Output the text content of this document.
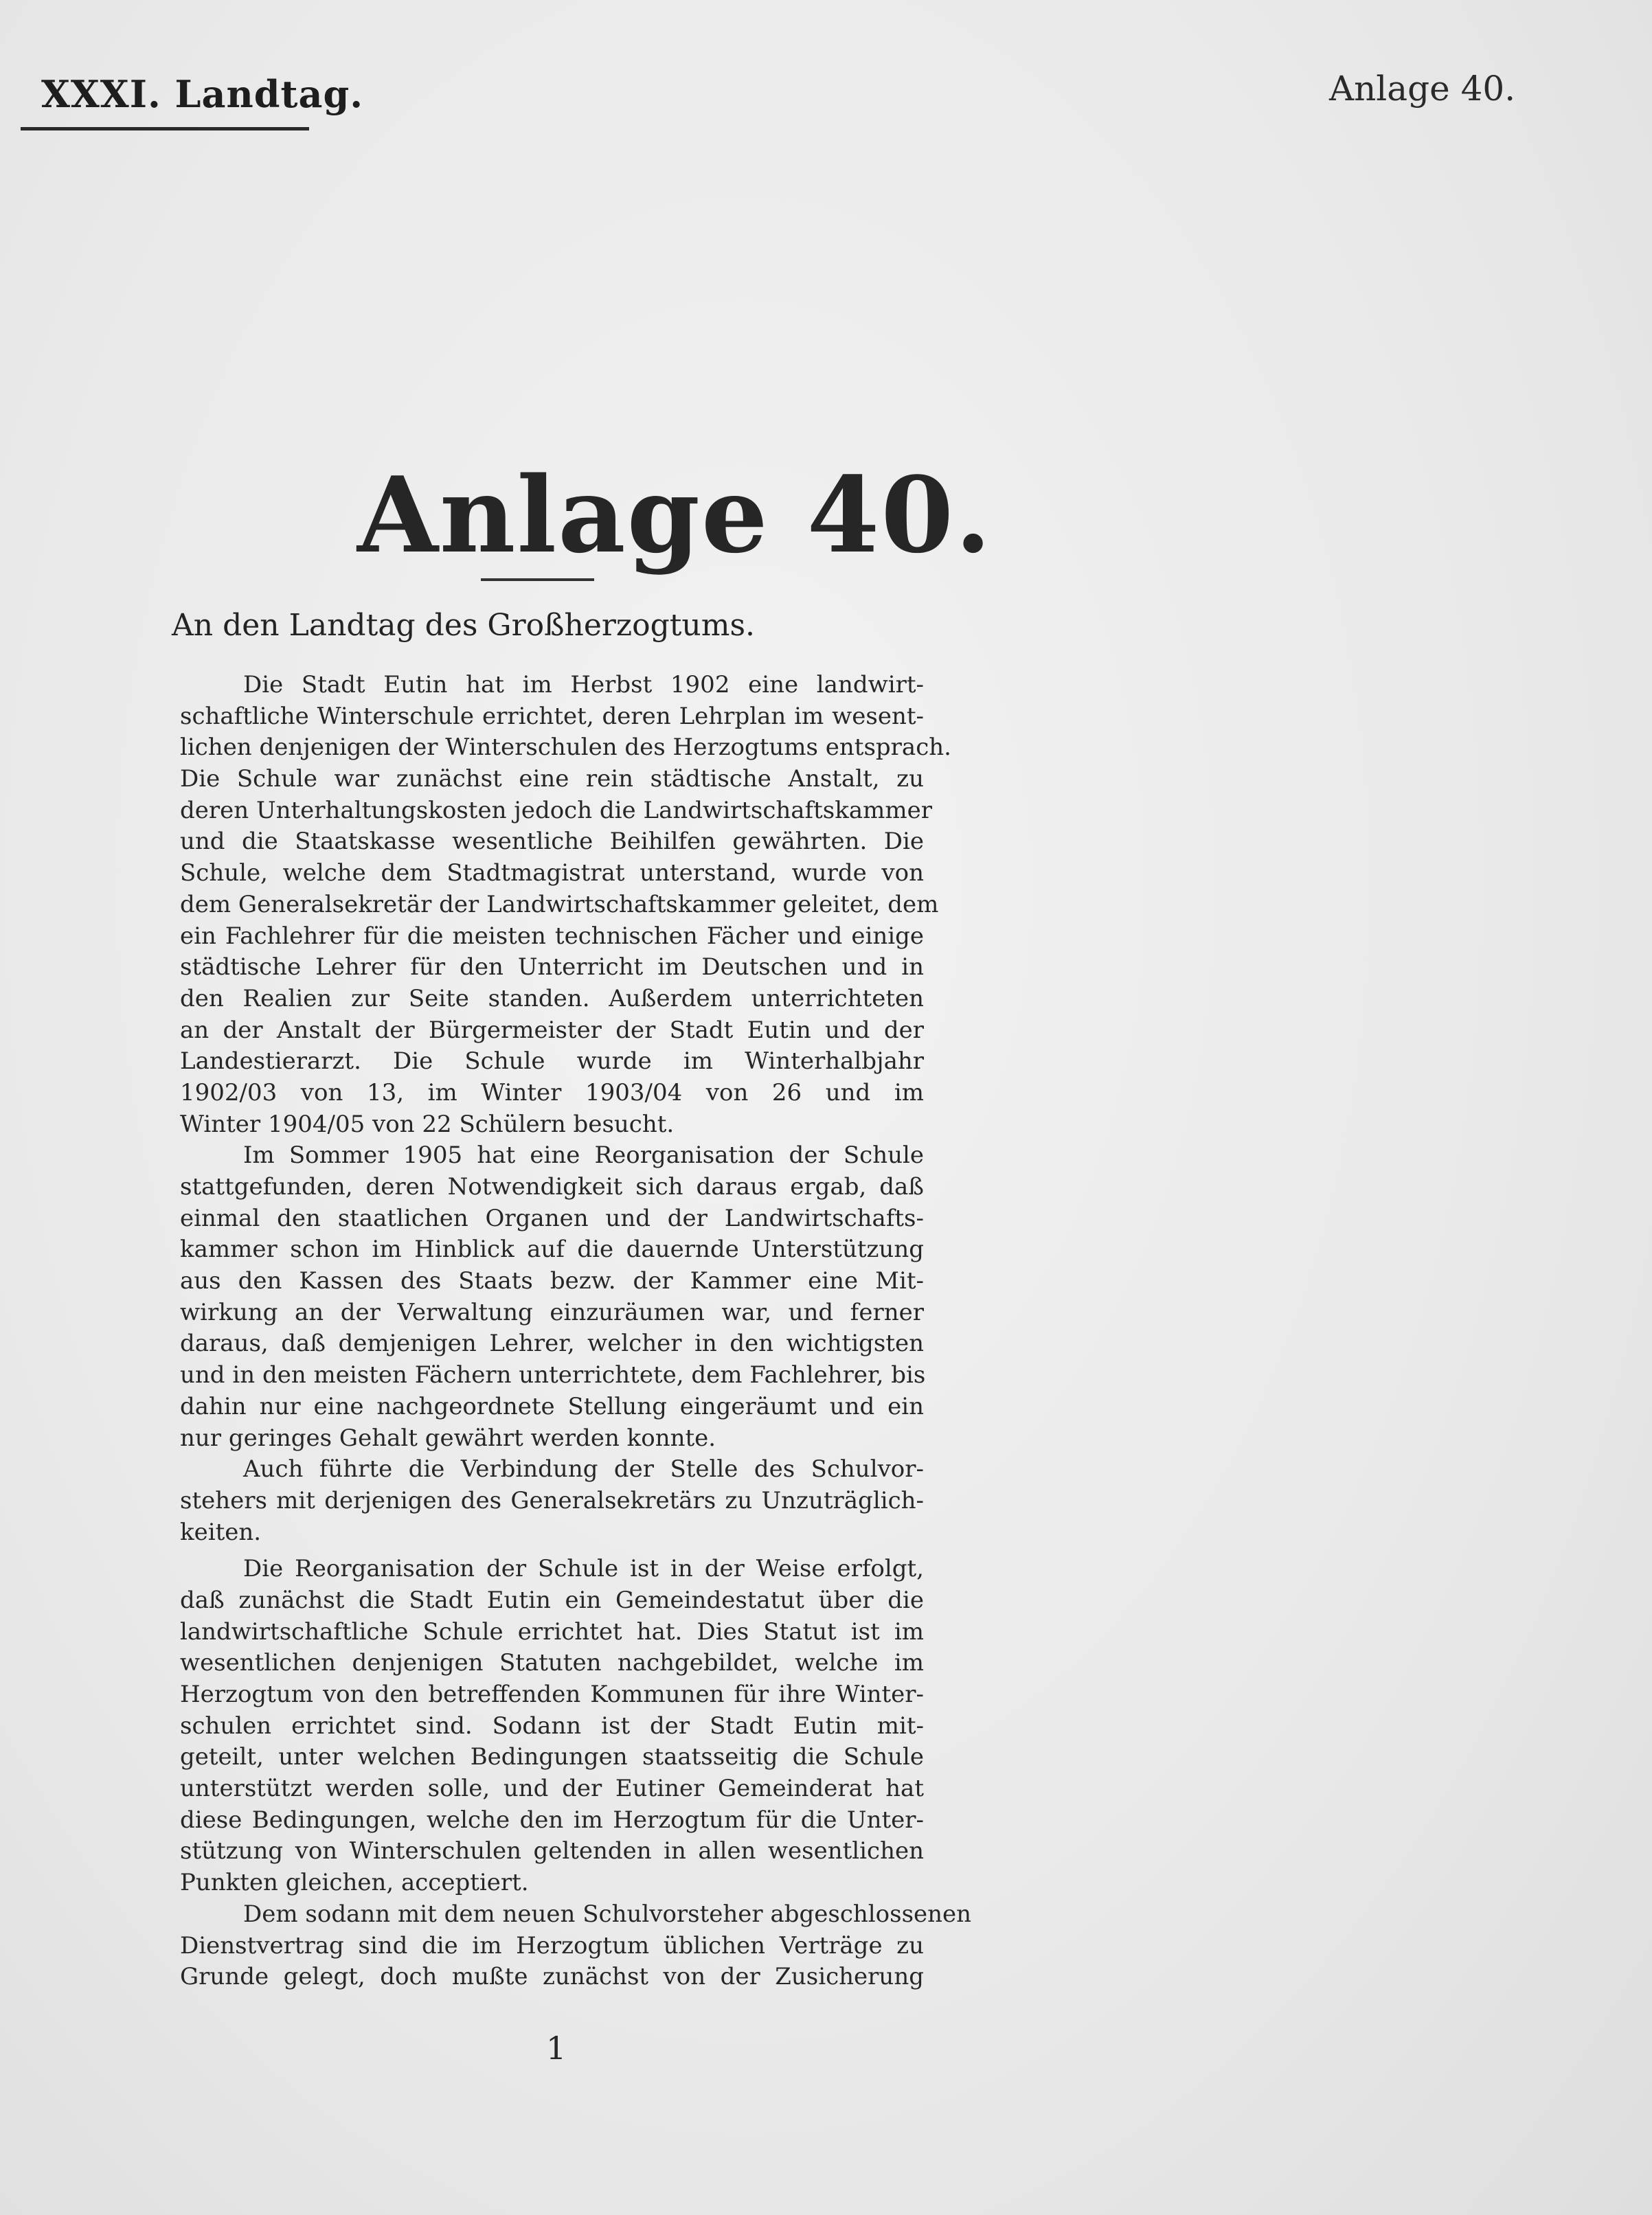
XXXI. Landtag.	Anlage 40.
Anlage 40.
An den Landtag des Großherzogtums.
Die Stadt Eutin hat im Herbst 1902 eine landwirt-
schaftliche Winterschule errichtet, deren Lehrplan im wesent-
lichen denjenigen der Winterschulen des Herzogtums entsprach.
Die Schule war zunächst eine rein städtische Anstalt, zu
deren Unterhaltungskosten jedoch die Landwirtschaftskammer
und die Staatskasse wesentliche Beihilfen gewährten. Die
Schule, welche dem Stadtmagistrat unterstand, wurde von
dem Generalsekretär der Landwirtschaftskammer geleitet, dem
ein Fachlehrer für die meisten technischen Fächer und einige
städtische Lehrer für den Unterricht im Deutschen und in
den Realien zur Seite standen. Außerdem unterrichteten
an der Anstalt der Bürgermeister der Stadt Eutin und der
Landestierarzt. Die Schule wurde im Winterhalbjahr
1902/03 von 13, im Winter 1903/04 von 26 und im
Winter 1904/05 von 22 Schülern besucht.
Im Sommer 1905 hat eine Reorganisation der Schule
stattgefunden, deren Notwendigkeit sich daraus ergab, daß
einmal den staatlichen Organen und der Landwirtschafts-
kammer schon im Hinblick auf die dauernde Unterstützung
aus den Kassen des Staats bezw. der Kammer eine Mit-
wirkung an der Verwaltung einzuräumen war, und ferner
daraus, daß demjenigen Lehrer, welcher in den wichtigsten
und in den meisten Fächern unterrichtete, dem Fachlehrer, bis
dahin nur eine nachgeordnete Stellung eingeräumt und ein
nur geringes Gehalt gewährt werden konnte.
Auch führte die Verbindung der Stelle des Schulvor-
stehers mit derjenigen des Generalsekretärs zu Unzuträglich-
keiten.
Die Reorganisation der Schule ist in der Weise erfolgt,
daß zunächst die Stadt Eutin ein Gemeindestatut über die
landwirtschaftliche Schule errichtet hat. Dies Statut ist im
wesentlichen denjenigen Statuten nachgebildet, welche im
Herzogtum von den betreffenden Kommunen für ihre Winter-
schulen errichtet sind. Sodann ist der Stadt Eutin mit-
geteilt, unter welchen Bedingungen staatsseitig die Schule
unterstützt werden solle, und der Eutiner Gemeinderat hat
diese Bedingungen, welche den im Herzogtum für die Unter-
stützung von Winterschulen geltenden in allen wesentlichen
Punkten gleichen, acceptiert.
Dem sodann mit dem neuen Schulvorsteher abgeschlossenen
Dienstvertrag sind die im Herzogtum üblichen Verträge zu
Grunde gelegt, doch mußte zunächst von der Zusicherung
1
